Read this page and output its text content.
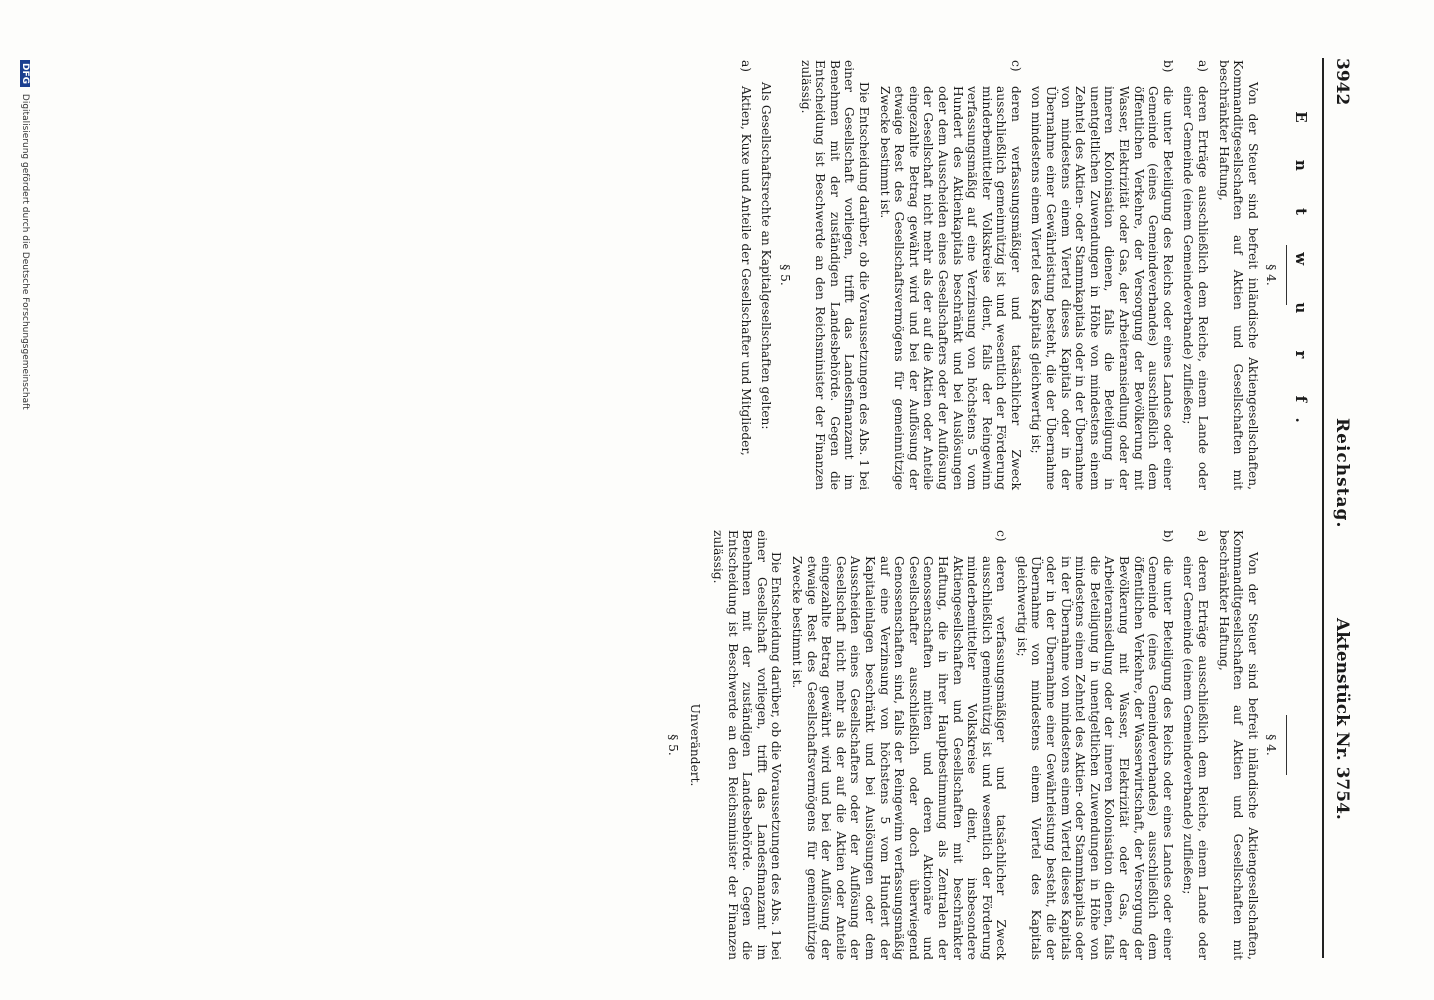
3942
Reichstag.
Aktenstück Nr. 3754.
E n t w u r f.
§ 4.

Von der Steuer sind befreit inländische Aktiengesellschaften, Kommanditgesellschaften auf Aktien und Gesellschaften mit beschränkter Haftung,

a)
deren Erträge ausschließlich dem Reiche, einem Lande oder einer Gemeinde (einem Gemeindeverbande) zufließen;
b)
die unter Beteiligung des Reichs oder eines Landes oder einer Gemeinde (eines Gemeindeverbandes) ausschließlich dem öffentlichen Verkehre, der Versorgung der Bevölkerung mit Wasser, Elektrizität oder Gas, der Arbeiteransiedlung oder der inneren Kolonisation dienen, falls die Beteiligung in unentgeltlichen Zuwendungen in Höhe von mindestens einem Zehntel des Aktien- oder Stammkapitals oder in der Übernahme von mindestens einem Viertel dieses Kapitals oder in der Übernahme einer Gewährleistung besteht, die der Übernahme von mindestens einem Viertel des Kapitals gleichwertig ist;
c)
deren verfassungsmäßiger und tatsächlicher Zweck ausschließlich gemeinnützig ist und wesentlich der Förderung minderbemittelter Volkskreise dient, falls der Reingewinn verfassungsmäßig auf eine Verzinsung von höchstens 5 vom Hundert des Aktienkapitals beschränkt und bei Auslösungen oder dem Ausscheiden eines Gesellschafters oder der Auflösung der Gesellschaft nicht mehr als der auf die Aktien oder Anteile eingezahlte Betrag gewährt wird und bei der Auflösung der etwaige Rest des Gesellschaftsvermögens für gemeinnützige Zwecke bestimmt ist.

Die Entscheidung darüber, ob die Voraussetzungen des Abs. 1 bei einer Gesellschaft vorliegen, trifft das Landesfinanzamt im Benehmen mit der zuständigen Landesbehörde. Gegen die Entscheidung ist Beschwerde an den Reichsminister der Finanzen zulässig.

§ 5.

Als Gesellschaftsrechte an Kapitalgesellschaften gelten:

a)
Aktien, Kuxe und Anteile der Gesellschafter und Mitglieder,
§ 4.

Von der Steuer sind befreit inländische Aktiengesellschaften, Kommanditgesellschaften auf Aktien und Gesellschaften mit beschränkter Haftung,

a)
deren Erträge ausschließlich dem Reiche, einem Lande oder einer Gemeinde (einem Gemeindeverbande) zufließen;
b)
die unter Beteiligung des Reichs oder eines Landes oder einer Gemeinde (eines Gemeindeverbandes) ausschließlich dem öffentlichen Verkehre, der Wasserwirtschaft, der Versorgung der Bevölkerung mit Wasser, Elektrizität oder Gas, der Arbeiteransiedlung oder der inneren Kolonisation dienen, falls die Beteiligung in unentgeltlichen Zuwendungen in Höhe von mindestens einem Zehntel des Aktien- oder Stammkapitals oder in der Übernahme von mindestens einem Viertel dieses Kapitals oder in der Übernahme einer Gewährleistung besteht, die der Übernahme von mindestens einem Viertel des Kapitals gleichwertig ist;
c)
deren verfassungsmäßiger und tatsächlicher Zweck ausschließlich gemeinnützig ist und wesentlich der Förderung minderbemittelter Volkskreise dient, insbesondere Aktiengesellschaften und Gesellschaften mit beschränkter Haftung, die in ihrer Hauptbestimmung als Zentralen der Genossenschaften mitten und deren Aktionäre und Gesellschafter ausschließlich oder doch überwiegend Genossenschaften sind, falls der Reingewinn verfassungsmäßig auf eine Verzinsung von höchstens 5 vom Hundert der Kapitaleinlagen beschränkt und bei Auslösungen oder dem Ausscheiden eines Gesellschafters oder der Auflösung der Gesellschaft nicht mehr als der auf die Aktien oder Anteile eingezahlte Betrag gewährt wird und bei der Auflösung der etwaige Rest des Gesellschaftsvermögens für gemeinnützige Zwecke bestimmt ist.

Die Entscheidung darüber, ob die Voraussetzungen des Abs. 1 bei einer Gesellschaft vorliegen, trifft das Landesfinanzamt im Benehmen mit der zuständigen Landesbehörde. Gegen die Entscheidung ist Beschwerde an den Reichsminister der Finanzen zulässig.

Unverändert.
§ 5.
DFG Digitalisierung gefördert durch die Deutsche Forschungsgemeinschaft
